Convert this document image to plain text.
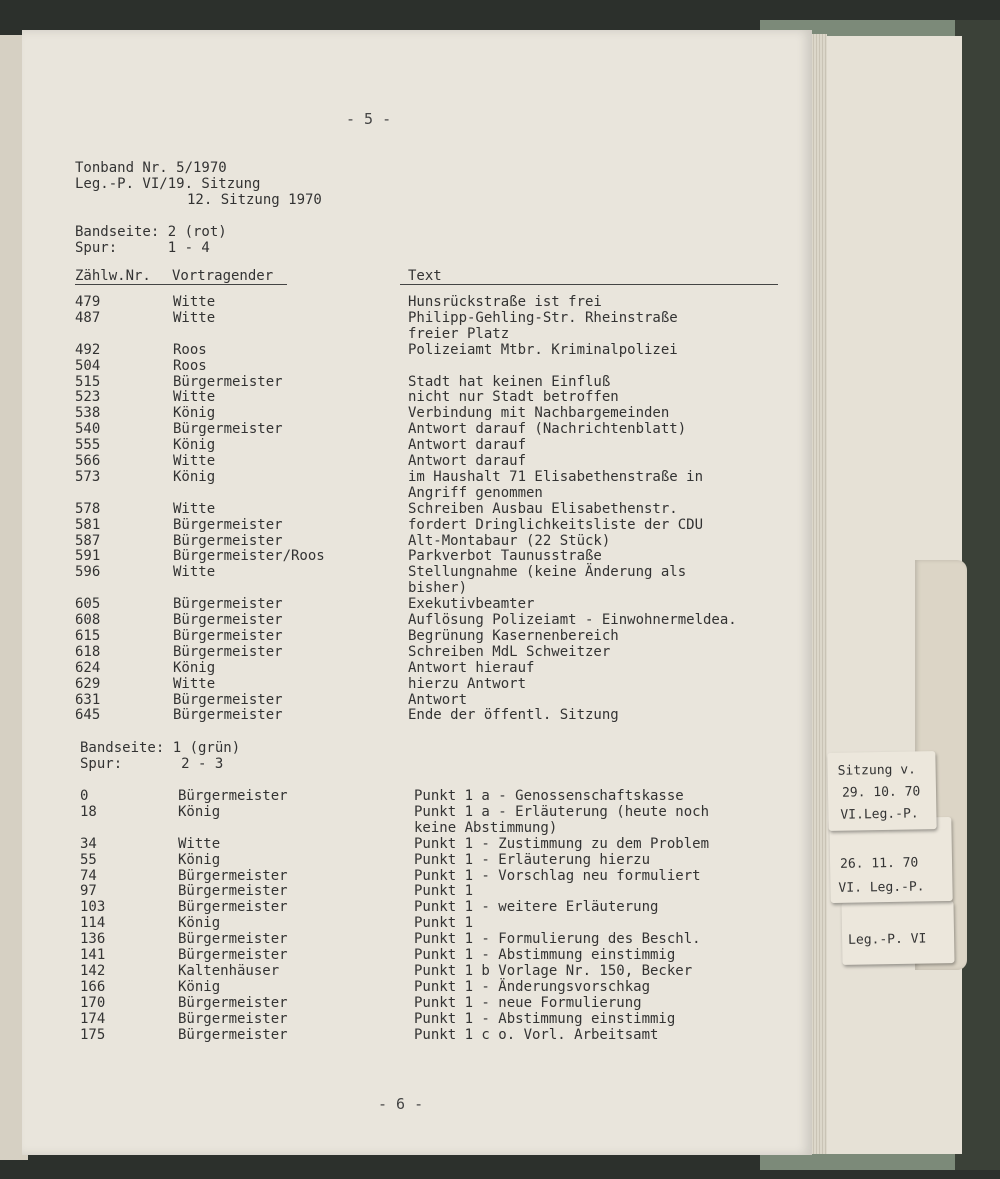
- 5 -
Tonband Nr. 5/1970
Leg.-P. VI/19. Sitzung
12. Sitzung 1970
Bandseite: 2 (rot)
Spur:      1 - 4
Zählw.Nr. Vortragender	Text
479	Witte	Hunsrückstraße ist frei
487	Witte	Philipp-Gehling-Str. Rheinstraße
freier Platz
492	Roos	Polizeiamt Mtbr. Kriminalpolizei
504	Roos
515	Bürgermeister	Stadt hat keinen Einfluß
523	Witte	nicht nur Stadt betroffen
538	König	Verbindung mit Nachbargemeinden
540	Bürgermeister	Antwort darauf (Nachrichtenblatt)
555	König	Antwort darauf
566	Witte	Antwort darauf
573	König	im Haushalt 71 Elisabethenstraße in
Angriff genommen
578	Witte	Schreiben Ausbau Elisabethenstr.
581	Bürgermeister	fordert Dringlichkeitsliste der CDU
587	Bürgermeister	Alt-Montabaur (22 Stück)
591	Bürgermeister/Roos	Parkverbot Taunusstraße
596	Witte	Stellungnahme (keine Änderung als
bisher)
605	Bürgermeister	Exekutivbeamter
608	Bürgermeister	Auflösung Polizeiamt - Einwohnermeldea.
615	Bürgermeister	Begrünung Kasernenbereich
618	Bürgermeister	Schreiben MdL Schweitzer
624	König	Antwort hierauf
629	Witte	hierzu Antwort
631	Bürgermeister	Antwort
645	Bürgermeister	Ende der öffentl. Sitzung
Bandseite: 1 (grün)
Spur:       2 - 3
0	Bürgermeister	Punkt 1 a - Genossenschaftskasse
18	König	Punkt 1 a - Erläuterung (heute noch
keine Abstimmung)
34	Witte	Punkt 1 - Zustimmung zu dem Problem
55	König	Punkt 1 - Erläuterung hierzu
74	Bürgermeister	Punkt 1 - Vorschlag neu formuliert
97	Bürgermeister	Punkt 1
103	Bürgermeister	Punkt 1 - weitere Erläuterung
114	König	Punkt 1
136	Bürgermeister	Punkt 1 - Formulierung des Beschl.
141	Bürgermeister	Punkt 1 - Abstimmung einstimmig
142	Kaltenhäuser	Punkt 1 b Vorlage Nr. 150, Becker
166	König	Punkt 1 - Änderungsvorschkag
170	Bürgermeister	Punkt 1 - neue Formulierung
174	Bürgermeister	Punkt 1 - Abstimmung einstimmig
175	Bürgermeister	Punkt 1 c o. Vorl. Arbeitsamt
- 6 -
Leg.-P. VI
26. 11. 70
VI. Leg.-P.
Sitzung v.
29. 10. 70
VI.Leg.-P.
